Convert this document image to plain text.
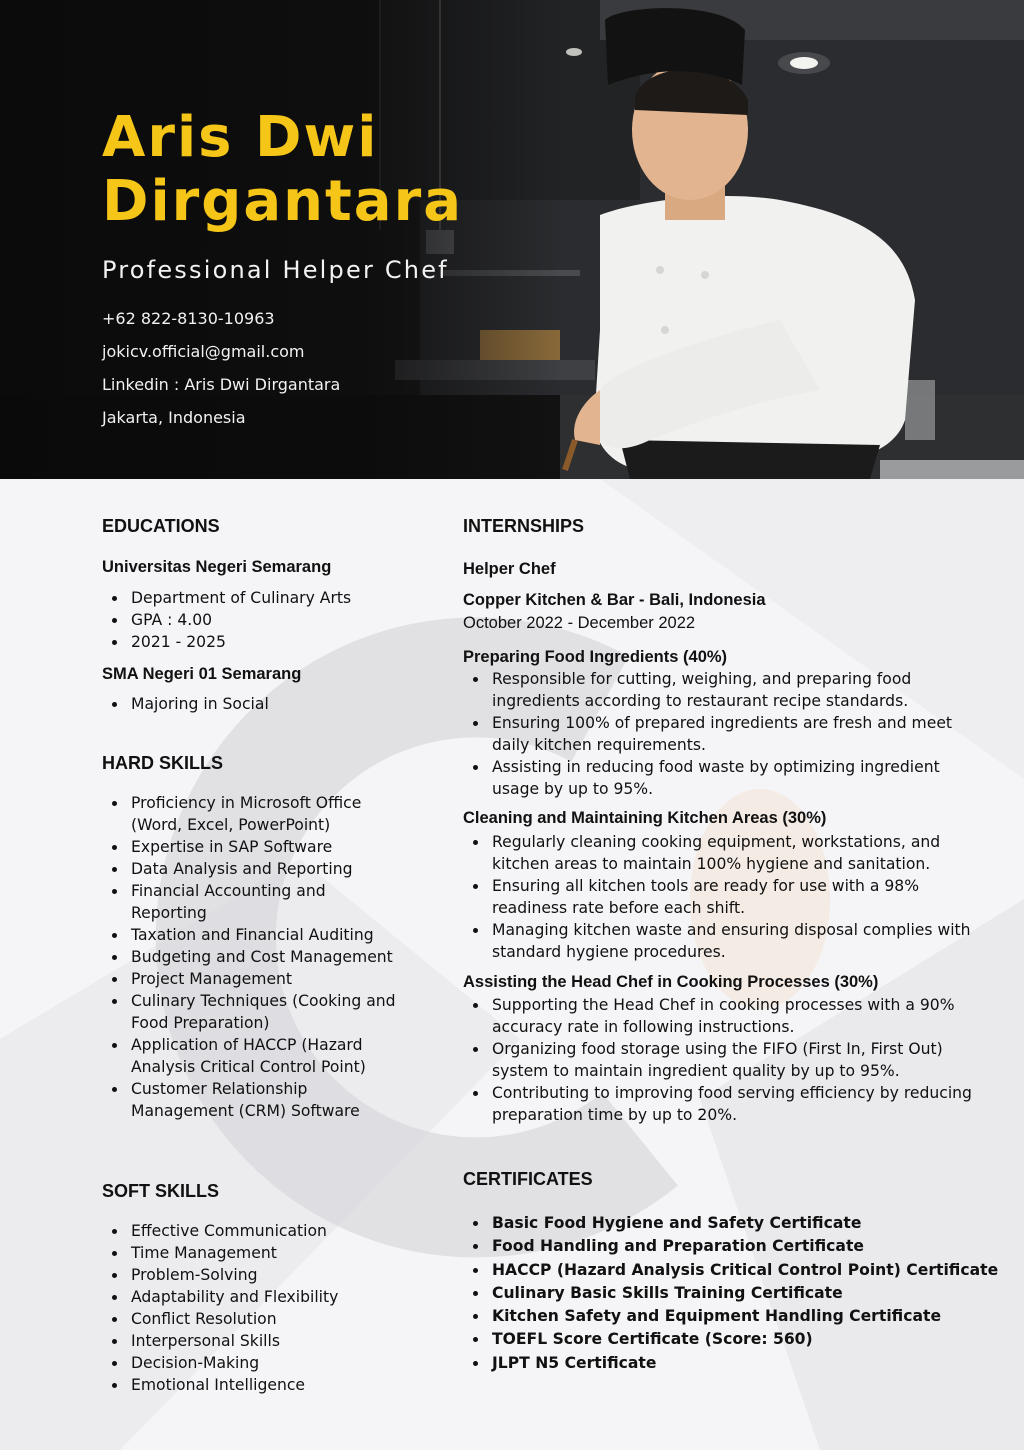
Aris Dwi
Dirgantara
Professional Helper Chef
+62 822-8130-10963
jokicv.official@gmail.com
Linkedin : Aris Dwi Dirgantara
Jakarta, Indonesia
EDUCATIONS
Universitas Negeri Semarang
Department of Culinary Arts
GPA : 4.00
2021 - 2025
SMA Negeri 01 Semarang
Majoring in Social
HARD SKILLS
Proficiency in Microsoft Office (Word, Excel, PowerPoint)
Expertise in SAP Software
Data Analysis and Reporting
Financial Accounting and Reporting
Taxation and Financial Auditing
Budgeting and Cost Management
Project Management
Culinary Techniques (Cooking and Food Preparation)
Application of HACCP (Hazard Analysis Critical Control Point)
Customer Relationship Management (CRM) Software
SOFT SKILLS
Effective Communication
Time Management
Problem-Solving
Adaptability and Flexibility
Conflict Resolution
Interpersonal Skills
Decision-Making
Emotional Intelligence
INTERNSHIPS
Helper Chef
Copper Kitchen & Bar - Bali, Indonesia
October 2022 - December 2022
Preparing Food Ingredients (40%)
Responsible for cutting, weighing, and preparing food ingredients according to restaurant recipe standards.
Ensuring 100% of prepared ingredients are fresh and meet daily kitchen requirements.
Assisting in reducing food waste by optimizing ingredient usage by up to 95%.
Cleaning and Maintaining Kitchen Areas (30%)
Regularly cleaning cooking equipment, workstations, and kitchen areas to maintain 100% hygiene and sanitation.
Ensuring all kitchen tools are ready for use with a 98% readiness rate before each shift.
Managing kitchen waste and ensuring disposal complies with standard hygiene procedures.
Assisting the Head Chef in Cooking Processes (30%)
Supporting the Head Chef in cooking processes with a 90% accuracy rate in following instructions.
Organizing food storage using the FIFO (First In, First Out) system to maintain ingredient quality by up to 95%.
Contributing to improving food serving efficiency by reducing preparation time by up to 20%.
CERTIFICATES
Basic Food Hygiene and Safety Certificate
Food Handling and Preparation Certificate
HACCP (Hazard Analysis Critical Control Point) Certificate
Culinary Basic Skills Training Certificate
Kitchen Safety and Equipment Handling Certificate
TOEFL Score Certificate (Score: 560)
JLPT N5 Certificate
